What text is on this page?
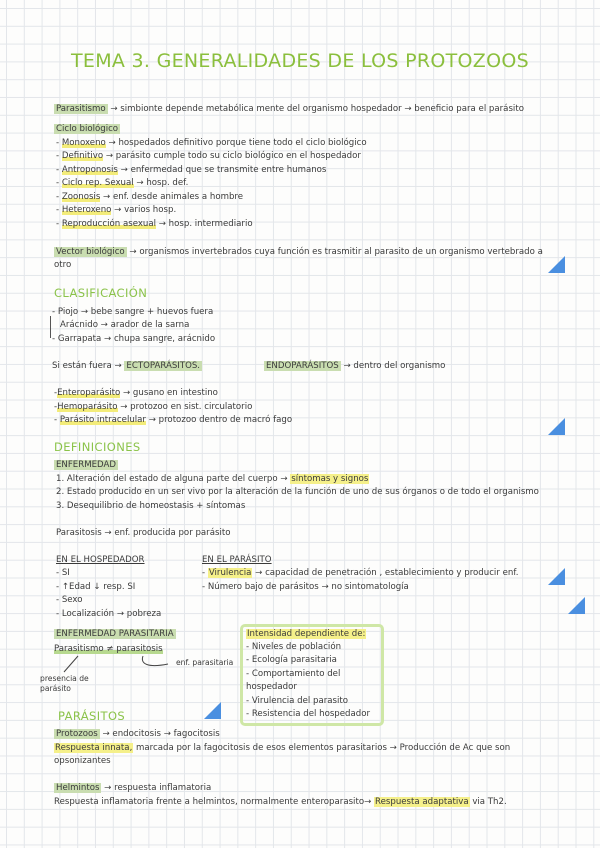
TEMA 3. GENERALIDADES DE LOS PROTOZOOS
Parasitismo → simbionte depende metabólica mente del organismo hospedador → beneficio para el parásito
Ciclo biológico
- Monoxeno → hospedados definitivo porque tiene todo el ciclo biológico
- Definitivo → parásito cumple todo su ciclo biológico en el hospedador
- Antroponosis → enfermedad que se transmite entre humanos
- Ciclo rep. Sexual → hosp. def.
- Zoonosis → enf. desde animales a hombre
- Heteroxeno → varios hosp.
- Reproducción asexual → hosp. intermediario
Vector biológico → organismos invertebrados cuya función es trasmitir al parasito de un organismo vertebrado a
otro
CLASIFICACIÓN
- Piojo → bebe sangre + huevos fuera
Arácnido → arador de la sarna
- Garrapata → chupa sangre, arácnido
Si están fuera → ECTOPARÁSITOS.	ENDOPARÁSITOS → dentro del organismo
-Enteroparásito → gusano en intestino
-Hemoparásito → protozoo en sist. circulatorio
- Parásito intracelular → protozoo dentro de macró fago
DEFINICIONES
ENFERMEDAD
1. Alteración del estado de alguna parte del cuerpo → síntomas y signos
2. Estado producido en un ser vivo por la alteración de la función de uno de sus órganos o de todo el organismo
3. Desequilibrio de homeostasis + síntomas
Parasitosis → enf. producida por parásito
EN EL HOSPEDADOR
- SI
- ↑Edad ↓ resp. SI
- Sexo
- Localización → pobreza
EN EL PARÁSITO
- Virulencia → capacidad de penetración , establecimiento y producir enf.
- Número bajo de parásitos → no sintomatología
ENFERMEDAD PARASITARIA
Parasitismo ≠ parasitosis
enf. parasitaria
presencia de parásito
Intensidad dependiente de:
- Niveles de población
- Ecología parasitaria
- Comportamiento del
hospedador
- Virulencia del parasito
- Resistencia del hospedador
PARÁSITOS
Protozoos → endocitosis → fagocitosis
Respuesta innata, marcada por la fagocitosis de esos elementos parasitarios → Producción de Ac que son
opsonizantes
Helmintos → respuesta inflamatoria
Respuesta inflamatoria frente a helmintos, normalmente enteroparasito→ Respuesta adaptativa via Th2.
